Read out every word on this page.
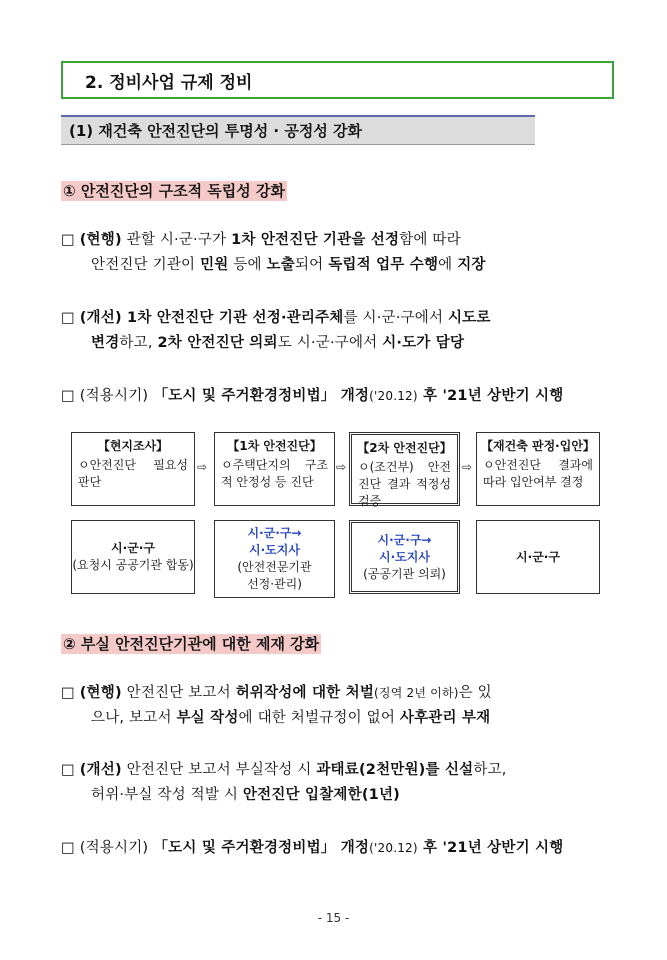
2. 정비사업 규제 정비
(1) 재건축 안전진단의 투명성 · 공정성 강화
① 안전진단의 구조적 독립성 강화
□ (현행) 관할 시·군·구가 1차 안전진단 기관을 선정함에 따라
안전진단 기관이 민원 등에 노출되어 독립적 업무 수행에 지장
□ (개선) 1차 안전진단 기관 선정·관리주체를 시·군·구에서 시도로
변경하고, 2차 안전진단 의뢰도 시·군·구에서 시·도가 담당
□ (적용시기) 「도시 및 주거환경정비법」 개정('20.12) 후 '21년 상반기 시행
【현지조사】
ㅇ안전진단 필요성 판단
⇨
【1차 안전진단】
ㅇ주택단지의 구조적 안정성 등 진단
⇨
【2차 안전진단】
ㅇ(조건부) 안전진단 결과 적정성 검증
⇨
【재건축 판정·입안】
ㅇ안전진단 결과에 따라 입안여부 결정
시·군·구
(요청시 공공기관 합동)
시·군·구→
시·도지사
(안전전문기관
선정·관리)
시·군·구→
시·도지사
(공공기관 의뢰)
시·군·구
② 부실 안전진단기관에 대한 제재 강화
□ (현행) 안전진단 보고서 허위작성에 대한 처벌(징역 2년 이하)은 있
으나, 보고서 부실 작성에 대한 처벌규정이 없어 사후관리 부재
□ (개선) 안전진단 보고서 부실작성 시 과태료(2천만원)를 신설하고,
허위·부실 작성 적발 시 안전진단 입찰제한(1년)
□ (적용시기) 「도시 및 주거환경정비법」 개정('20.12) 후 '21년 상반기 시행
- 15 -
